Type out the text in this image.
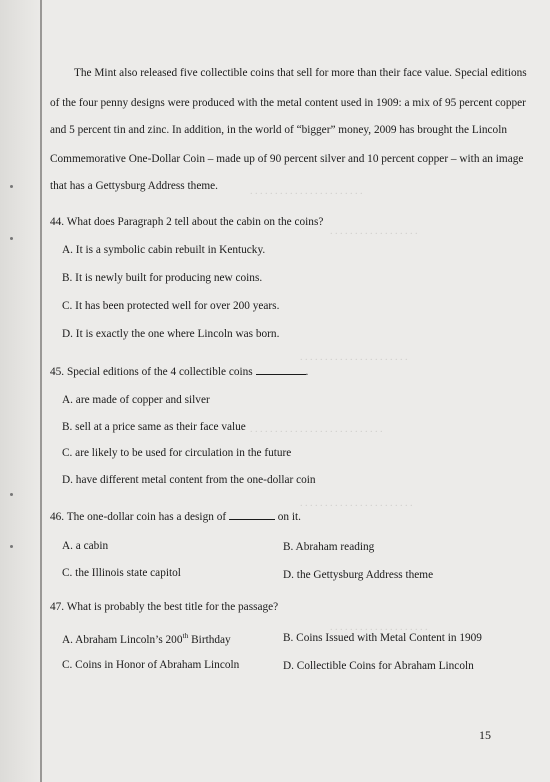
. . . . . . . . . . . . . . . . . . . . . . .
. . . . . . . . . . . . . . . . . .
. . . . . . . . . . . . . . . . . . . . . .
. . . . . . . . . . . . . . . . . . . . . . . . . . .
. . . . . . . . . . . . . . . . . . . . . . .
. . . . . . . . . . . . . . . . . . . .
The Mint also released five collectible coins that sell for more than their face value. Special editions
of the four penny designs were produced with the metal content used in 1909: a mix of 95 percent copper
and 5 percent tin and zinc. In addition, in the world of “bigger” money, 2009 has brought the Lincoln
Commemorative One-Dollar Coin – made up of 90 percent silver and 10 percent copper – with an image
that has a Gettysburg Address theme.
44. What does Paragraph 2 tell about the cabin on the coins?
A. It is a symbolic cabin rebuilt in Kentucky.
B. It is newly built for producing new coins.
C. It has been protected well for over 200 years.
D. It is exactly the one where Lincoln was born.
45. Special editions of the 4 collectible coins	.
A. are made of copper and silver
B. sell at a price same as their face value
C. are likely to be used for circulation in the future
D. have different metal content from the one-dollar coin
46. The one-dollar coin has a design of	on it.
A. a cabin	B. Abraham reading
C. the Illinois state capitol	D. the Gettysburg Address theme
47. What is probably the best title for the passage?
A. Abraham Lincoln’s 200th Birthday	B. Coins Issued with Metal Content in 1909
C. Coins in Honor of Abraham Lincoln	D. Collectible Coins for Abraham Lincoln
15
